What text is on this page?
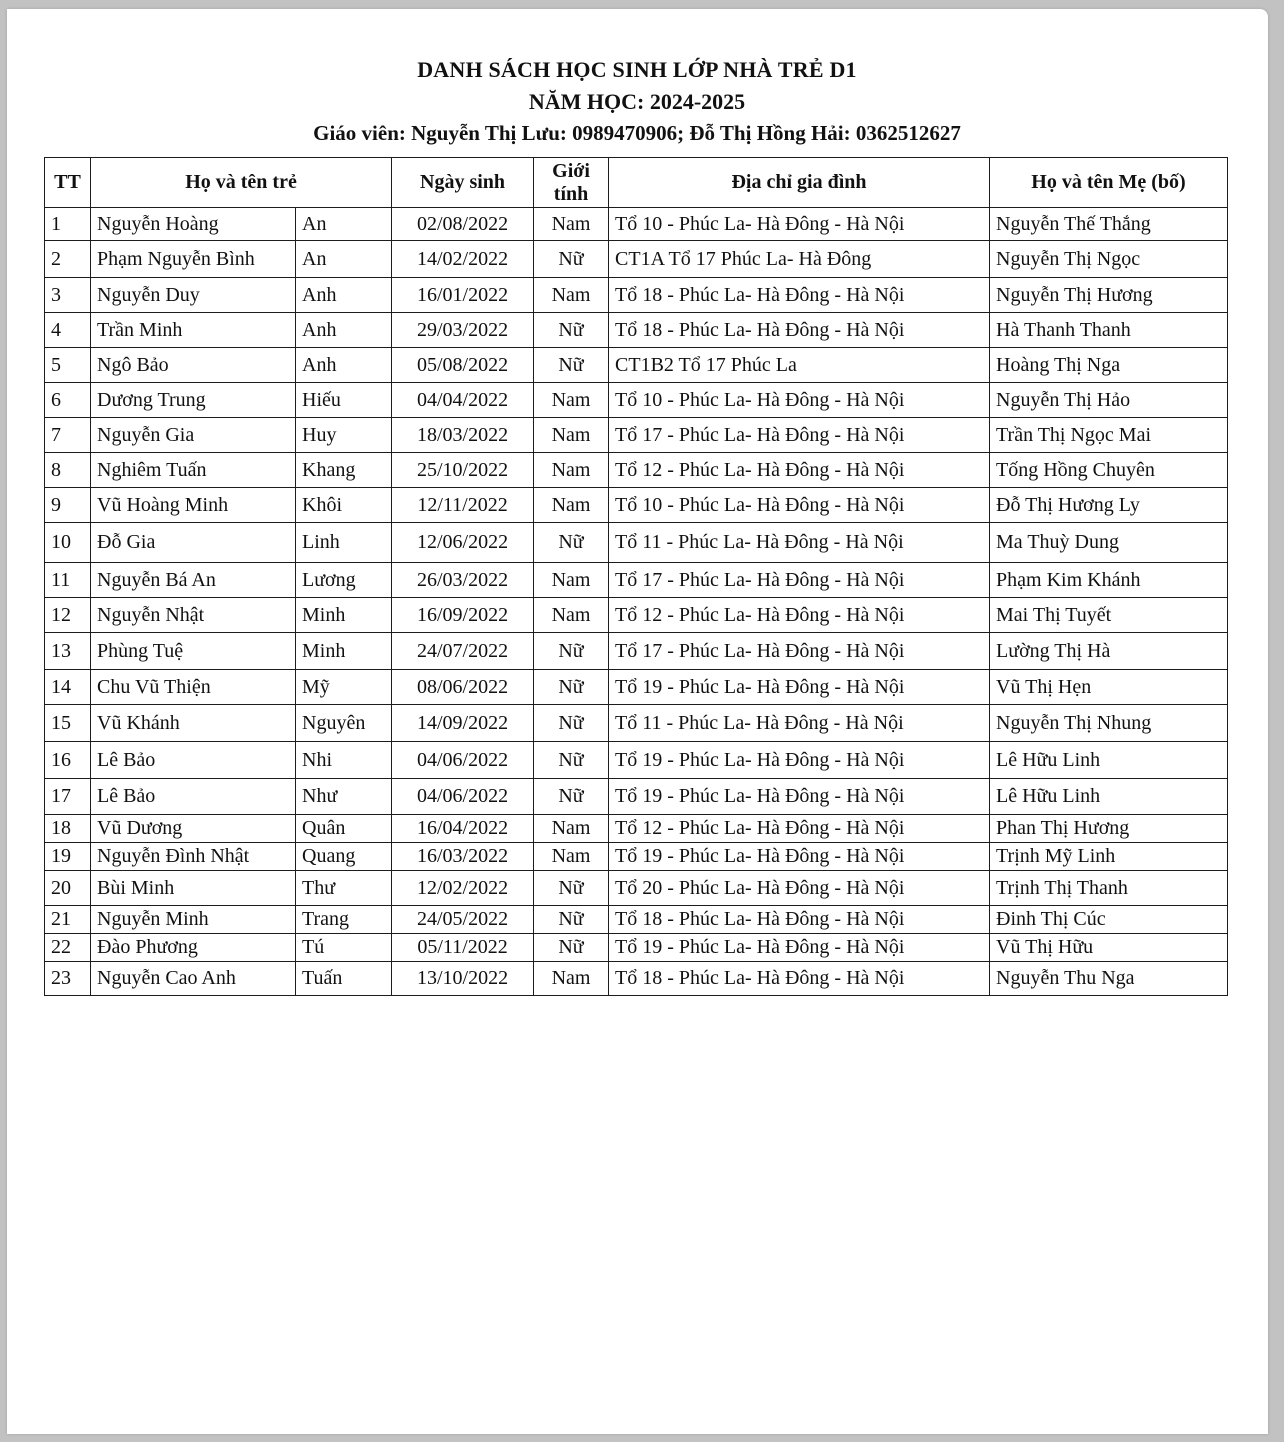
DANH SÁCH HỌC SINH LỚP NHÀ TRẺ D1
NĂM HỌC: 2024-2025
Giáo viên: Nguyễn Thị Lưu: 0989470906; Đỗ Thị Hồng Hải: 0362512627
TT	Họ và tên trẻ		Ngày sinh	Giới tính	Địa chỉ gia đình	Họ và tên Mẹ (bố)
1	Nguyễn Hoàng	An	02/08/2022	Nam	Tổ 10 - Phúc La- Hà Đông - Hà Nội	Nguyễn Thế Thắng
2	Phạm Nguyễn Bình	An	14/02/2022	Nữ	CT1A Tổ 17 Phúc La- Hà Đông	Nguyễn Thị Ngọc
3	Nguyễn Duy	Anh	16/01/2022	Nam	Tổ 18 - Phúc La- Hà Đông - Hà Nội	Nguyễn Thị Hương
4	Trần Minh	Anh	29/03/2022	Nữ	Tổ 18 - Phúc La- Hà Đông - Hà Nội	Hà Thanh Thanh
5	Ngô Bảo	Anh	05/08/2022	Nữ	CT1B2 Tổ 17 Phúc La	Hoàng Thị Nga
6	Dương Trung	Hiếu	04/04/2022	Nam	Tổ 10 - Phúc La- Hà Đông - Hà Nội	Nguyễn Thị Hảo
7	Nguyễn Gia	Huy	18/03/2022	Nam	Tổ 17 - Phúc La- Hà Đông - Hà Nội	Trần Thị Ngọc Mai
8	Nghiêm Tuấn	Khang	25/10/2022	Nam	Tổ 12 - Phúc La- Hà Đông - Hà Nội	Tống Hồng Chuyên
9	Vũ Hoàng Minh	Khôi	12/11/2022	Nam	Tổ 10 - Phúc La- Hà Đông - Hà Nội	Đỗ Thị Hương Ly
10	Đỗ Gia	Linh	12/06/2022	Nữ	Tổ 11 - Phúc La- Hà Đông - Hà Nội	Ma Thuỳ Dung
11	Nguyễn Bá An	Lương	26/03/2022	Nam	Tổ 17 - Phúc La- Hà Đông - Hà Nội	Phạm Kim Khánh
12	Nguyễn Nhật	Minh	16/09/2022	Nam	Tổ 12 - Phúc La- Hà Đông - Hà Nội	Mai Thị Tuyết
13	Phùng Tuệ	Minh	24/07/2022	Nữ	Tổ 17 - Phúc La- Hà Đông - Hà Nội	Lường Thị Hà
14	Chu Vũ Thiện	Mỹ	08/06/2022	Nữ	Tổ 19 - Phúc La- Hà Đông - Hà Nội	Vũ Thị Hẹn
15	Vũ Khánh	Nguyên	14/09/2022	Nữ	Tổ 11 - Phúc La- Hà Đông - Hà Nội	Nguyễn Thị Nhung
16	Lê Bảo	Nhi	04/06/2022	Nữ	Tổ 19 - Phúc La- Hà Đông - Hà Nội	Lê Hữu Linh
17	Lê Bảo	Như	04/06/2022	Nữ	Tổ 19 - Phúc La- Hà Đông - Hà Nội	Lê Hữu Linh
18	Vũ Dương	Quân	16/04/2022	Nam	Tổ 12 - Phúc La- Hà Đông - Hà Nội	Phan Thị Hương
19	Nguyễn Đình Nhật	Quang	16/03/2022	Nam	Tổ 19 - Phúc La- Hà Đông - Hà Nội	Trịnh Mỹ Linh
20	Bùi Minh	Thư	12/02/2022	Nữ	Tổ 20 - Phúc La- Hà Đông - Hà Nội	Trịnh Thị Thanh
21	Nguyễn Minh	Trang	24/05/2022	Nữ	Tổ 18 - Phúc La- Hà Đông - Hà Nội	Đinh Thị Cúc
22	Đào Phương	Tú	05/11/2022	Nữ	Tổ 19 - Phúc La- Hà Đông - Hà Nội	Vũ Thị Hữu
23	Nguyễn Cao Anh	Tuấn	13/10/2022	Nam	Tổ 18 - Phúc La- Hà Đông - Hà Nội	Nguyễn Thu Nga
